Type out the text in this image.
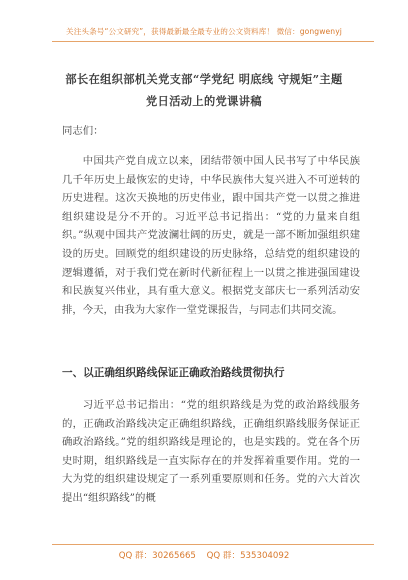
关注头条号“公文研究”，获得最新最全最专业的公文资料库！ 微信：gongwenyj
部长在组织部机关党支部“学党纪 明底线 守规矩”主题
党日活动上的党课讲稿
同志们：

中国共产党自成立以来，团结带领中国人民书写了中华民族几千年历史上最恢宏的史诗，中华民族伟大复兴进入不可逆转的历史进程。这次天换地的历史伟业，跟中国共产党一以贯之推进组织建设是分不开的。习近平总书记指出：“党的力量来自组织。”纵观中国共产党波澜壮阔的历史，就是一部不断加强组织建设的历史。回顾党的组织建设的历史脉络，总结党的组织建设的逻辑遵循，对于我们党在新时代新征程上一以贯之推进强国建设和民族复兴伟业，具有重大意义。根据党支部庆七一系列活动安排，今天，由我为大家作一堂党课报告，与同志们共同交流。

一、以正确组织路线保证正确政治路线贯彻执行

习近平总书记指出：“党的组织路线是为党的政治路线服务的，正确政治路线决定正确组织路线，正确组织路线服务保证正确政治路线。”党的组织路线是理论的，也是实践的。党在各个历史时期，组织路线是一直实际存在的并发挥着重要作用。党的一大为党的组织建设规定了一系列重要原则和任务。党的六大首次提出“组织路线”的概

QQ 群：30265665 QQ 群：535304092
